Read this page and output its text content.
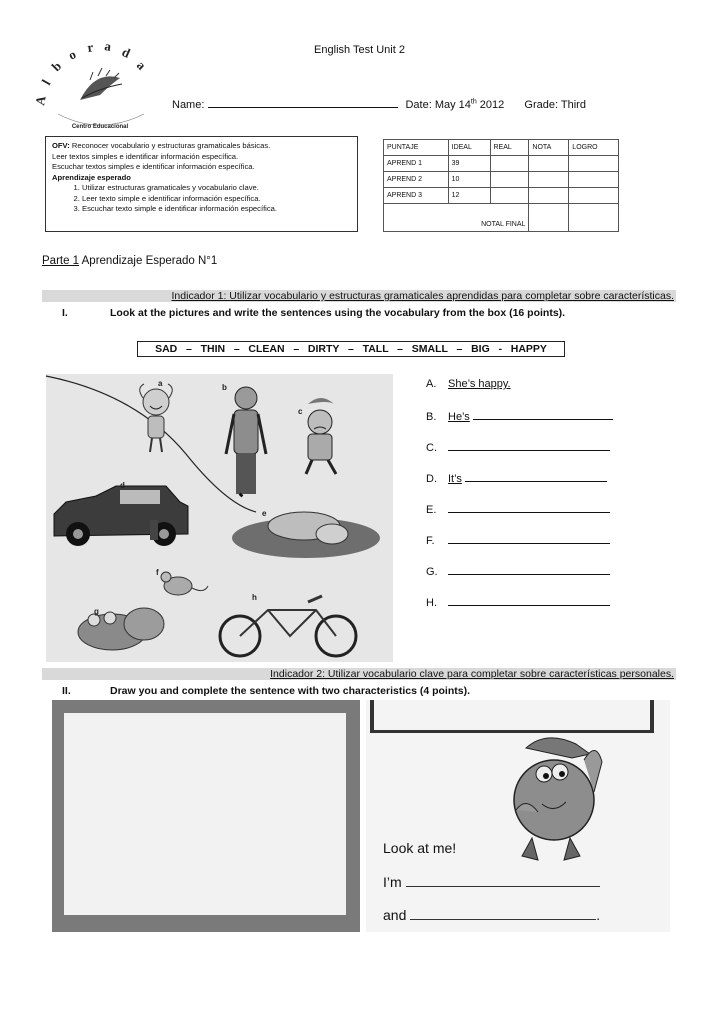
English Test Unit 2
A
l
b
o r a d
a
Centro Educacional
Name:	Date: May 14th 2012 Grade: Third
OFV: Reconocer vocabulario y estructuras gramaticales básicas.
Leer textos simples e identificar información específica.
Escuchar textos simples e identificar información específica.
Aprendizaje esperado
1. Utilizar estructuras gramaticales y vocabulario clave.
2. Leer texto simple e identificar información específica.
3. Escuchar texto simple e identificar información específica.
PUNTAJE	IDEAL	REAL	NOTA	LOGRO
APREND 1	39			
APREND 2	10			
APREND 3	12			
NOTAL FINAL				
Parte 1 Aprendizaje Esperado N°1
Indicador 1: Utilizar vocabulario y estructuras gramaticales aprendidas para completar sobre características.
I.	Look at the pictures and write the sentences using the vocabulary from the box (16 points).
SAD   –   THIN   –   CLEAN   –   DIRTY   –   TALL   –   SMALL   –   BIG   -   HAPPY
a	b
c
d
e
f
g
h
A. She’s happy.
B. He’s
C.
D. It’s
E.
F.
G.
H.
Indicador 2: Utilizar vocabulario clave para completar sobre características personales.
II.	Draw you and complete the sentence with two characteristics (4 points).
Look at me!
I’m
and	.
